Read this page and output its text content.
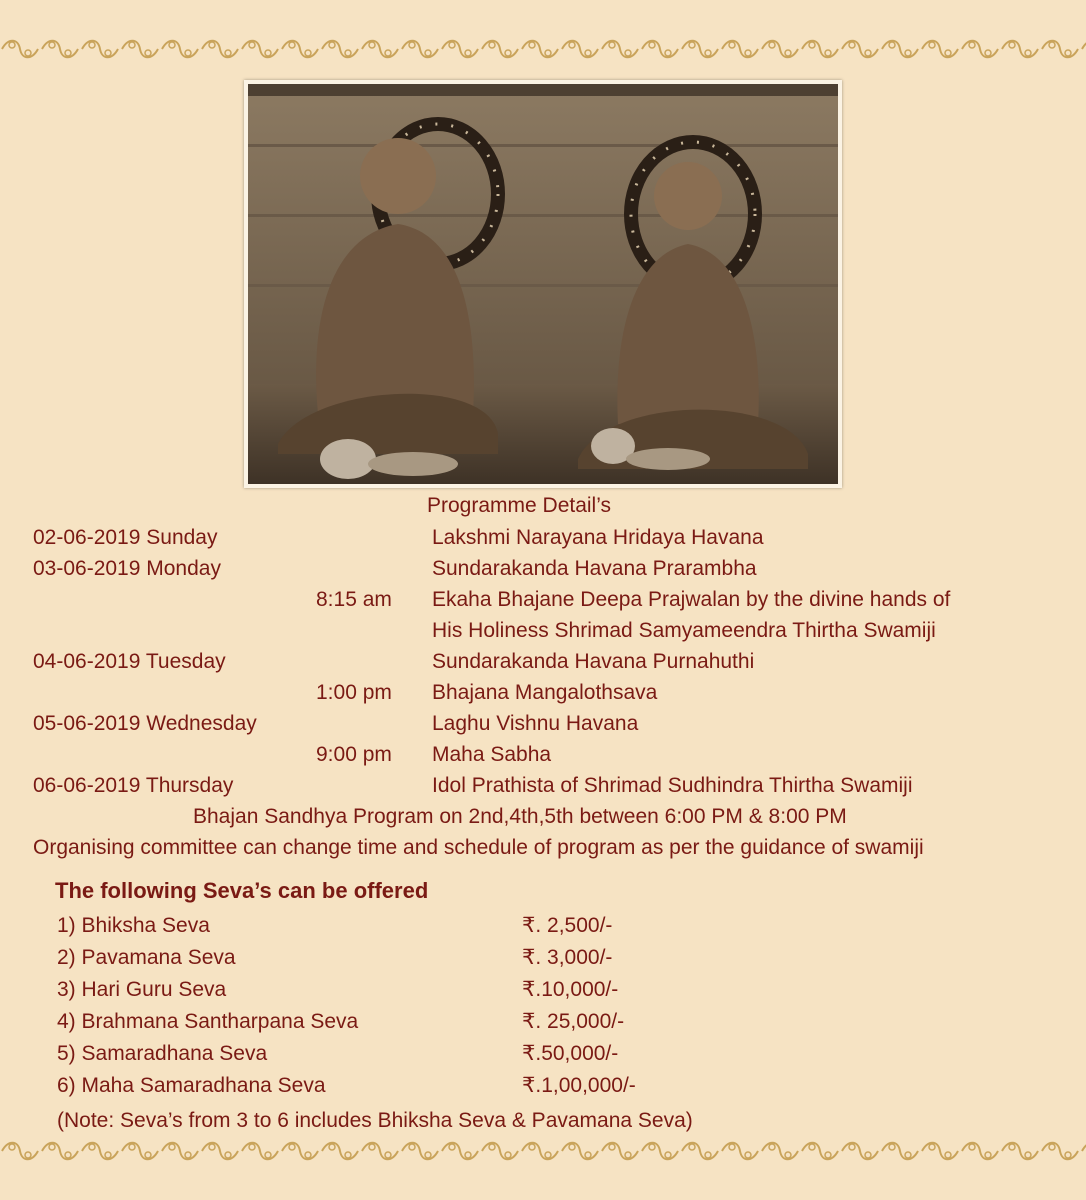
Programme Detail’s
02-06-2019 Sunday	Lakshmi Narayana Hridaya Havana
03-06-2019 Monday	Sundarakanda Havana Prarambha
8:15 am Ekaha Bhajane Deepa Prajwalan by the divine hands of
His Holiness Shrimad Samyameendra Thirtha Swamiji
04-06-2019 Tuesday	Sundarakanda Havana Purnahuthi
1:00 pm Bhajana Mangalothsava
05-06-2019 Wednesday	Laghu Vishnu Havana
9:00 pm Maha Sabha
06-06-2019 Thursday	Idol Prathista of Shrimad Sudhindra Thirtha Swamiji
Bhajan Sandhya Program on 2nd,4th,5th between 6:00 PM & 8:00 PM
Organising committee can change time and schedule of program as per the guidance of swamiji
The following Seva’s can be offered
1) Bhiksha Seva	₹. 2,500/-
2) Pavamana Seva	₹. 3,000/-
3) Hari Guru Seva	₹.10,000/-
4) Brahmana Santharpana Seva	₹. 25,000/-
5) Samaradhana Seva	₹.50,000/-
6) Maha Samaradhana Seva	₹.1,00,000/-
(Note: Seva’s from 3 to 6 includes Bhiksha Seva & Pavamana Seva)
